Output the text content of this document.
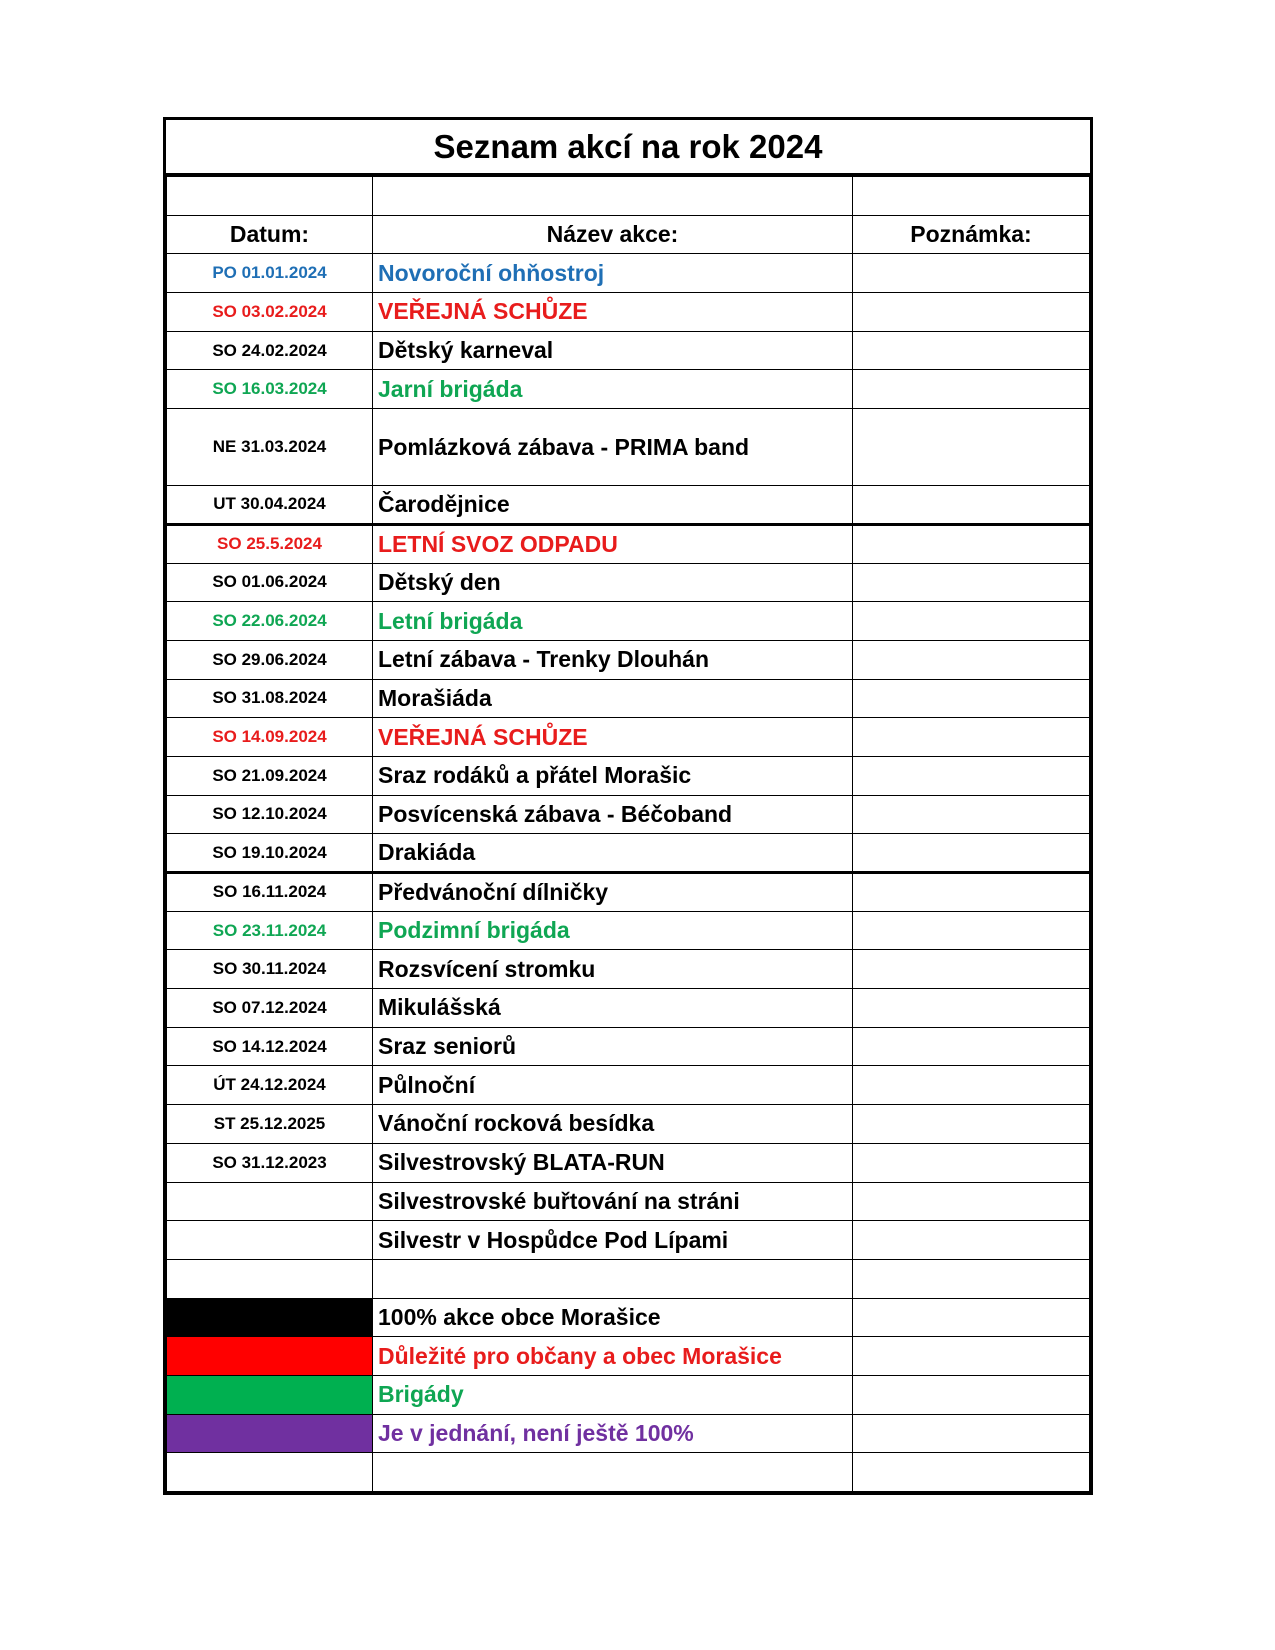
Seznam akcí na rok 2024

Datum:	Název akce:	Poznámka:
PO 01.01.2024	Novoroční ohňostroj	
SO 03.02.2024	VEŘEJNÁ SCHŮZE	
SO 24.02.2024	Dětský karneval	
SO 16.03.2024	Jarní brigáda	
NE 31.03.2024	Pomlázková zábava - PRIMA band	
UT 30.04.2024	Čarodějnice	
SO 25.5.2024	LETNÍ SVOZ ODPADU	
SO 01.06.2024	Dětský den	
SO 22.06.2024	Letní brigáda	
SO 29.06.2024	Letní zábava - Trenky Dlouhán	
SO 31.08.2024	Morašiáda	
SO 14.09.2024	VEŘEJNÁ SCHŮZE	
SO 21.09.2024	Sraz rodáků a přátel Morašic	
SO 12.10.2024	Posvícenská zábava - Béčoband	
SO 19.10.2024	Drakiáda	
SO 16.11.2024	Předvánoční dílničky	
SO 23.11.2024	Podzimní brigáda	
SO 30.11.2024	Rozsvícení stromku	
SO 07.12.2024	Mikulášská	
SO 14.12.2024	Sraz seniorů	
ÚT 24.12.2024	Půlnoční	
ST 25.12.2025	Vánoční rocková besídka	
SO 31.12.2023	Silvestrovský BLATA-RUN	
	Silvestrovské buřtování na stráni	
	Silvestr v Hospůdce Pod Lípami	

	100% akce obce Morašice	
	Důležité pro občany a obec Morašice	
	Brigády	
	Je v jednání, není ještě 100%	
